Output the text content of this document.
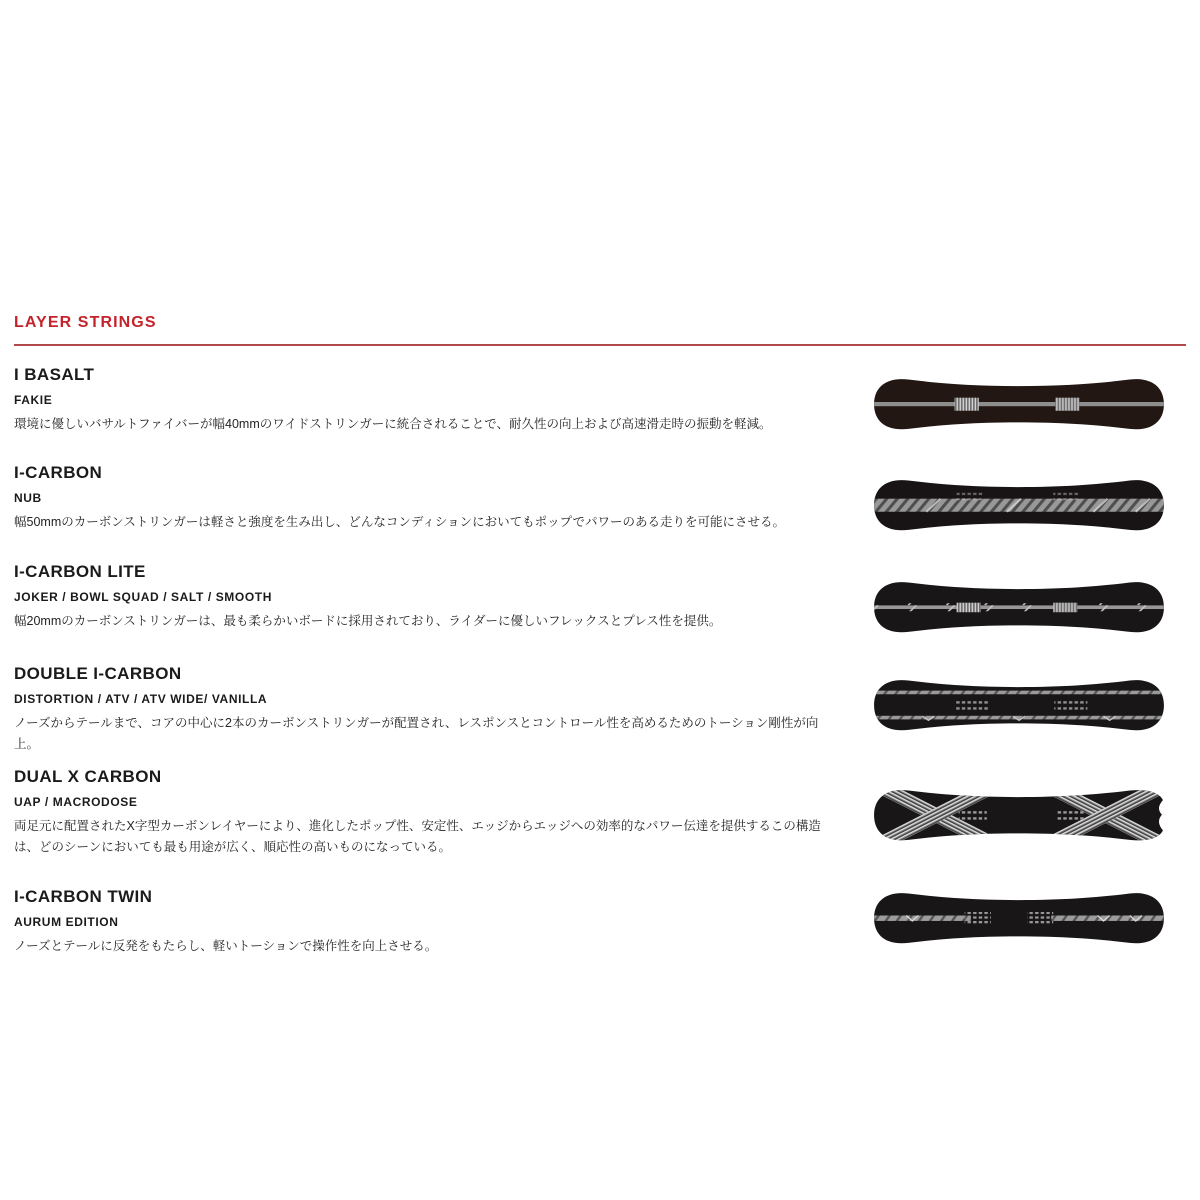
LAYER STRINGS
I BASALT
FAKIE

環境に優しいバサルトファイバーが幅40mmのワイドストリンガーに統合されることで、耐久性の向上および高速滑走時の振動を軽減。

I-CARBON
NUB

幅50mmのカーボンストリンガーは軽さと強度を生み出し、どんなコンディションにおいてもポップでパワーのある走りを可能にさせる。

I-CARBON LITE
JOKER / BOWL SQUAD / SALT / SMOOTH

幅20mmのカーボンストリンガーは、最も柔らかいボードに採用されており、ライダーに優しいフレックスとプレス性を提供。

DOUBLE I-CARBON
DISTORTION / ATV / ATV WIDE/ VANILLA

ノーズからテールまで、コアの中心に2本のカーボンストリンガーが配置され、レスポンスとコントロール性を高めるためのトーション剛性が向上。

DUAL X CARBON
UAP / MACRODOSE

両足元に配置されたX字型カーボンレイヤーにより、進化したポップ性、安定性、エッジからエッジへの効率的なパワー伝達を提供するこの構造は、どのシーンにおいても最も用途が広く、順応性の高いものになっている。

I-CARBON TWIN
AURUM EDITION

ノーズとテールに反発をもたらし、軽いトーションで操作性を向上させる。
